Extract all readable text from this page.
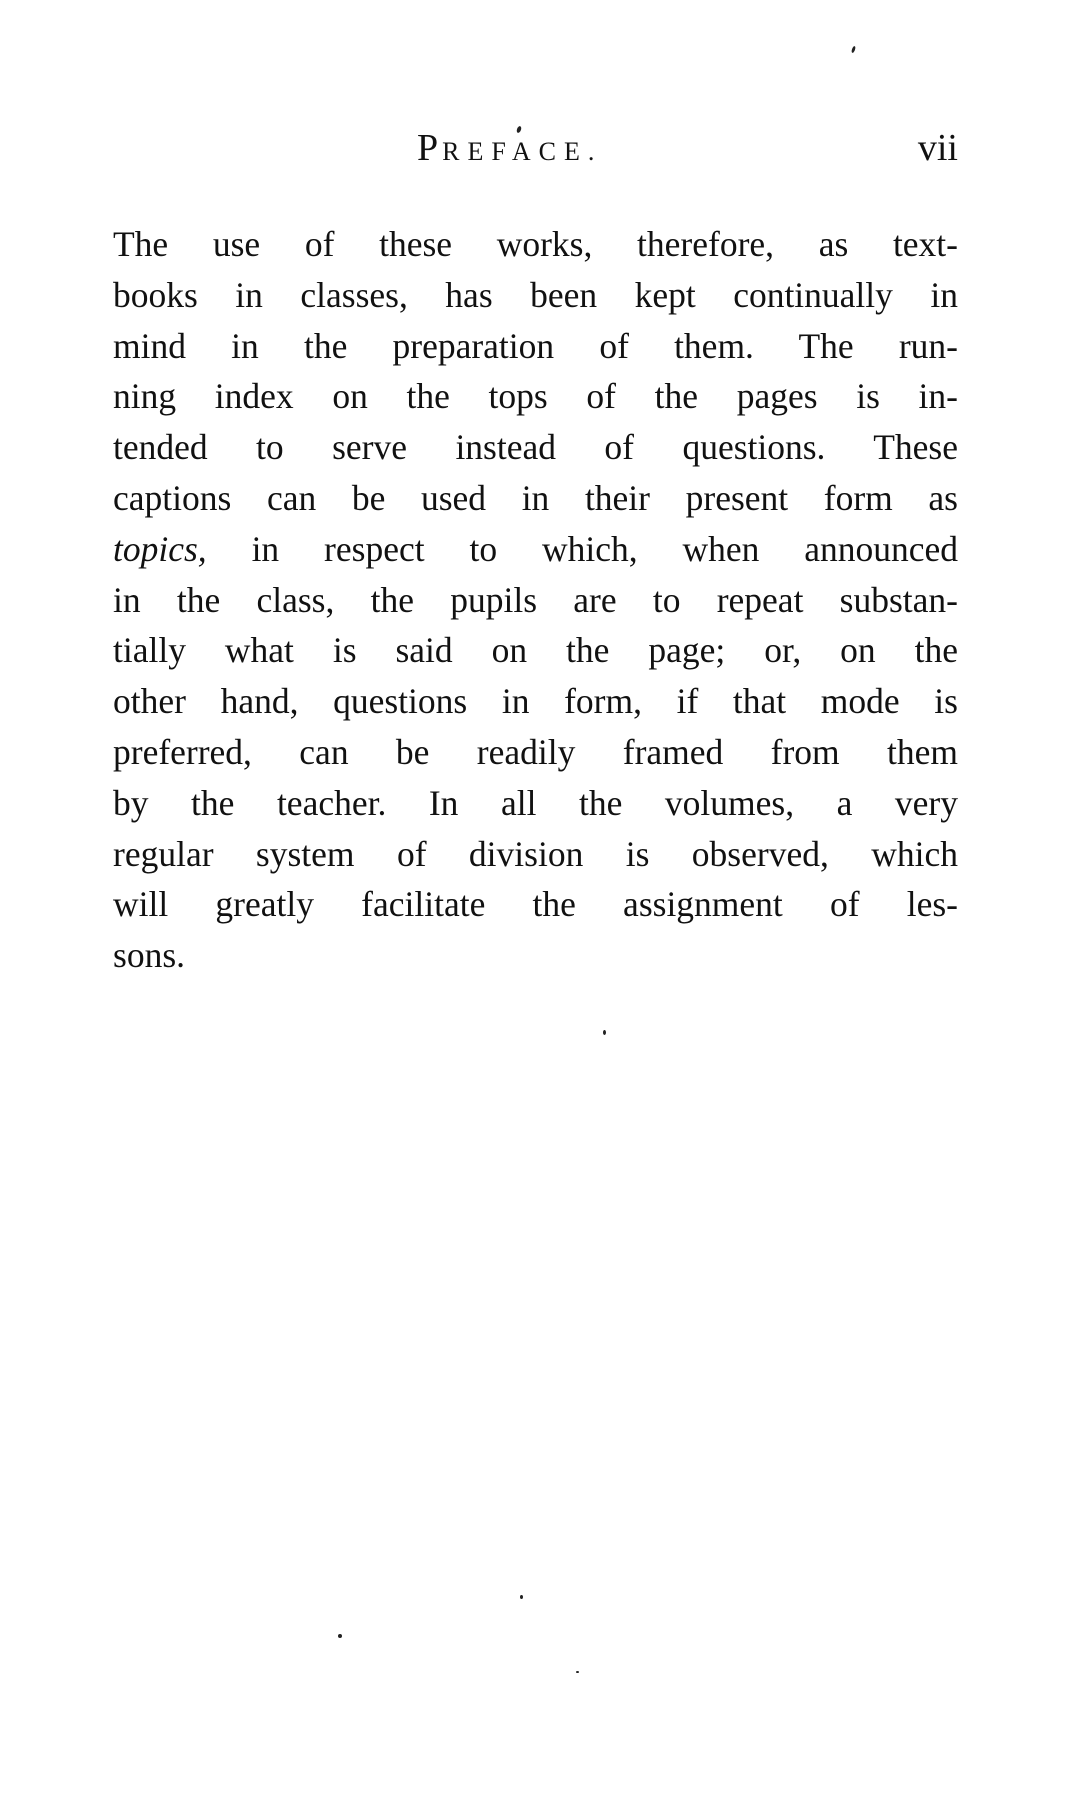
PREFACE.	vii
The use of these works, therefore, as text-
books in classes, has been kept continually in
mind in the preparation of them. The run-
ning index on the tops of the pages is in-
tended to serve instead of questions. These
captions can be used in their present form as
topics, in respect to which, when announced
in the class, the pupils are to repeat substan-
tially what is said on the page; or, on the
other hand, questions in form, if that mode is
preferred, can be readily framed from them
by the teacher. In all the volumes, a very
regular system of division is observed, which
will greatly facilitate the assignment of les-
sons.
